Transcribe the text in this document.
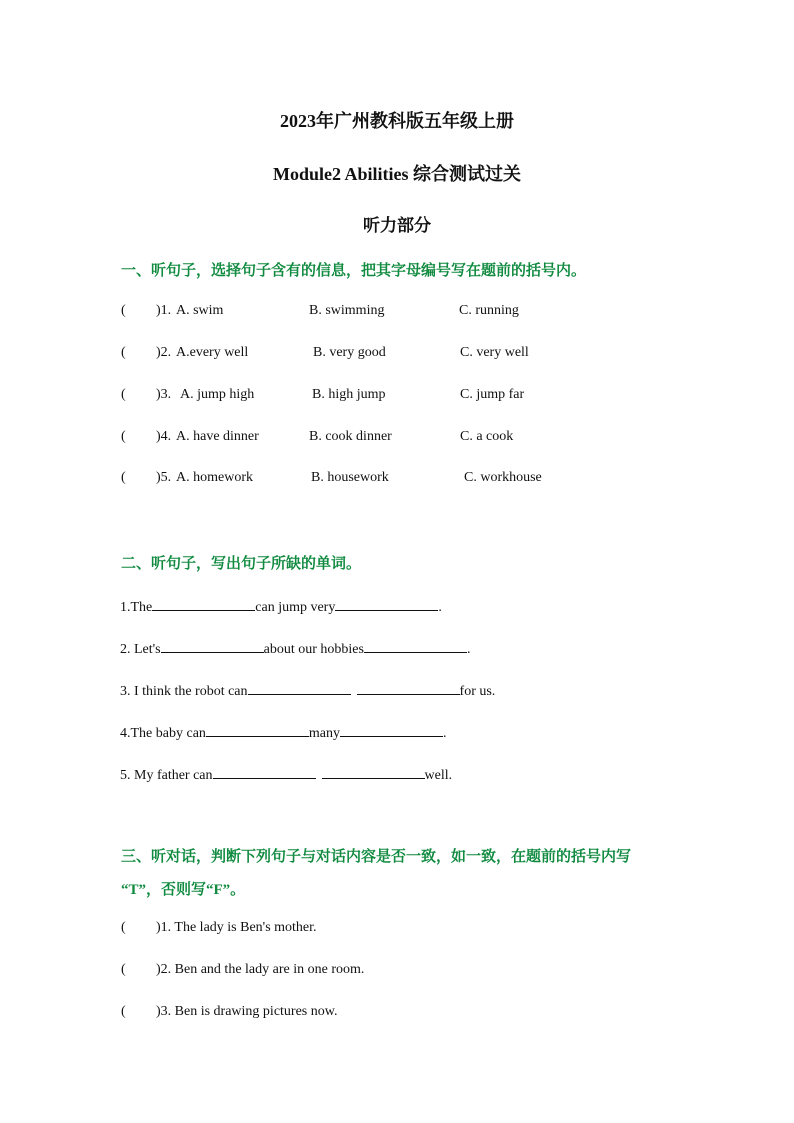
2023年广州教科版五年级上册
Module2 Abilities 综合测试过关
听力部分
一、听句子，选择句子含有的信息，把其字母编号写在题前的括号内。
( )1. A. swim	B. swimming	C. running
( )2. A.every well	B. very good	C. very well
( )3. A. jump high	B. high jump	C. jump far
( )4. A. have dinner	B. cook dinner	C. a cook
( )5. A. homework	B. housework	C. workhouse
二、听句子，写出句子所缺的单词。
1.The	can jump very	.
2. Let's	about our hobbies	.
3. I think the robot can	for us.
4.The baby can	many	.
5. My father can	well.
三、听对话，判断下列句子与对话内容是否一致，如一致，在题前的括号内写
“T”，否则写“F”。
( )1. The lady is Ben's mother.
( )2. Ben and the lady are in one room.
( )3. Ben is drawing pictures now.
